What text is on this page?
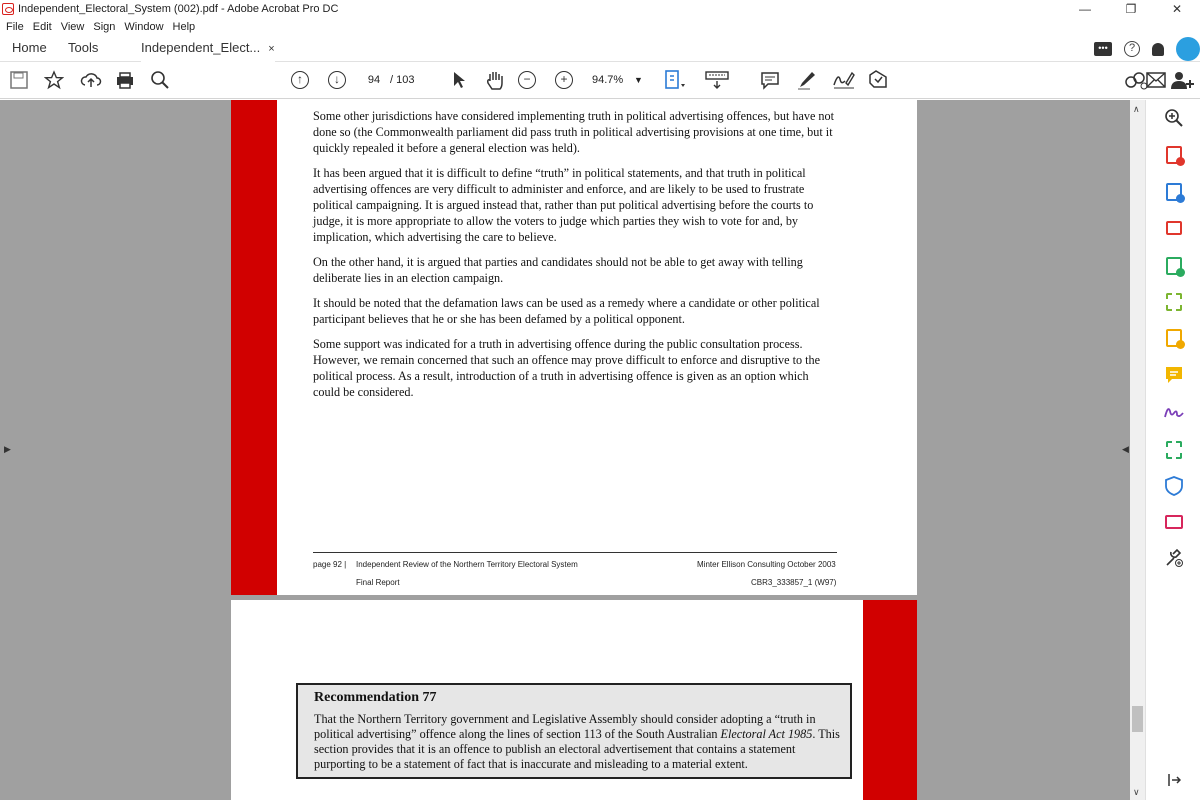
Independent_Electoral_System (002).pdf - Adobe Acrobat Pro DC	—	❐	✕
File Edit View Sign Window Help
Home Tools	Independent_Elect... ×	•••	?
↑	↓	94 / 103	−	+	94.7% ▼
▶	◀

Some other jurisdictions have considered implementing truth in political advertising offences, but have not done so (the Commonwealth parliament did pass truth in political advertising provisions at one time, but it quickly repealed it before a general election was held).

It has been argued that it is difficult to define “truth” in political statements, and that truth in political advertising offences are very difficult to administer and enforce, and are likely to be used to frustrate political campaigning. It is argued instead that, rather than put political advertising before the courts to judge, it is more appropriate to allow the voters to judge which parties they wish to vote for and, by implication, which advertising the care to believe.

On the other hand, it is argued that parties and candidates should not be able to get away with telling deliberate lies in an election campaign.

It should be noted that the defamation laws can be used as a remedy where a candidate or other political participant believes that he or she has been defamed by a political opponent.

Some support was indicated for a truth in advertising offence during the public consultation process. However, we remain concerned that such an offence may prove difficult to enforce and disruptive to the political process. As a result, introduction of a truth in advertising offence is given as an option which could be considered.

page 92 | Independent Review of the Northern Territory Electoral System
Final Report
Minter Ellison Consulting October 2003
CBR3_333857_1 (W97)
Recommendation 77
That the Northern Territory government and Legislative Assembly should consider adopting a “truth in political advertising” offence along the lines of section 113 of the South Australian Electoral Act 1985. This section provides that it is an offence to publish an electoral advertisement that contains a statement purporting to be a statement of fact that is inaccurate and misleading to a material extent.
∧
∨
